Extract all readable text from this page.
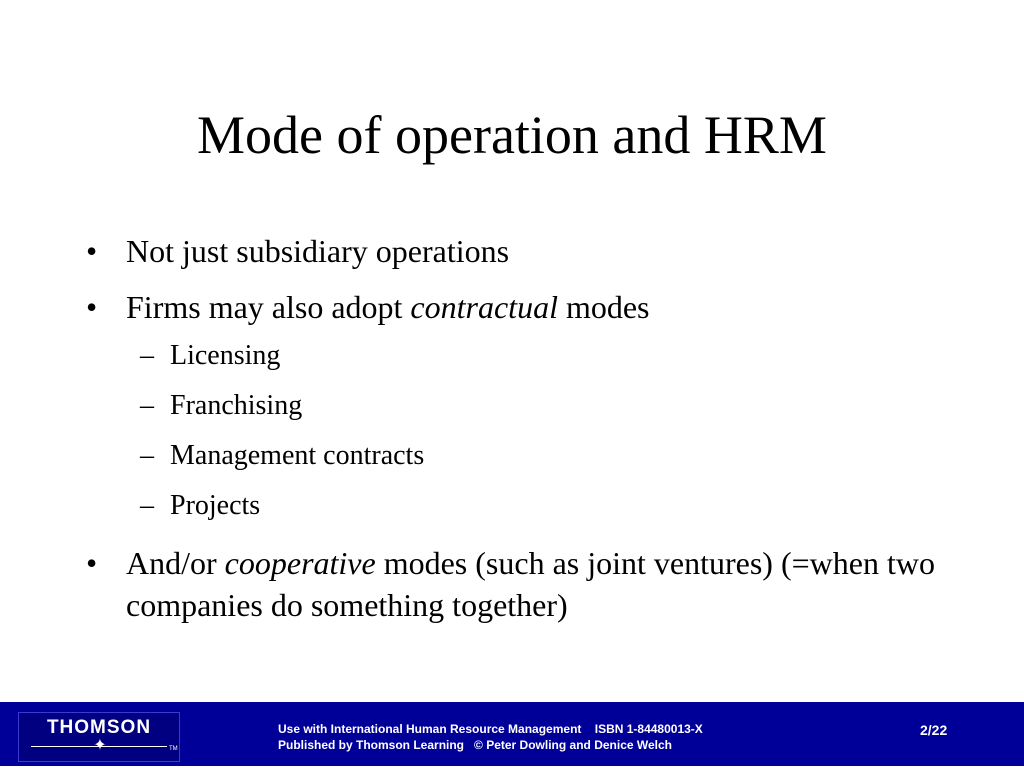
Mode of operation and HRM
• Not just subsidiary operations
• Firms may also adopt contractual modes
– Licensing
– Franchising
– Management contracts
– Projects
• And/or cooperative modes (such as joint ventures) (=when two companies do something together)
THOMSON
✦	TM
Use with International Human Resource Management    ISBN 1-84480013-X
Published by Thomson Learning   © Peter Dowling and Denice Welch
2/22
